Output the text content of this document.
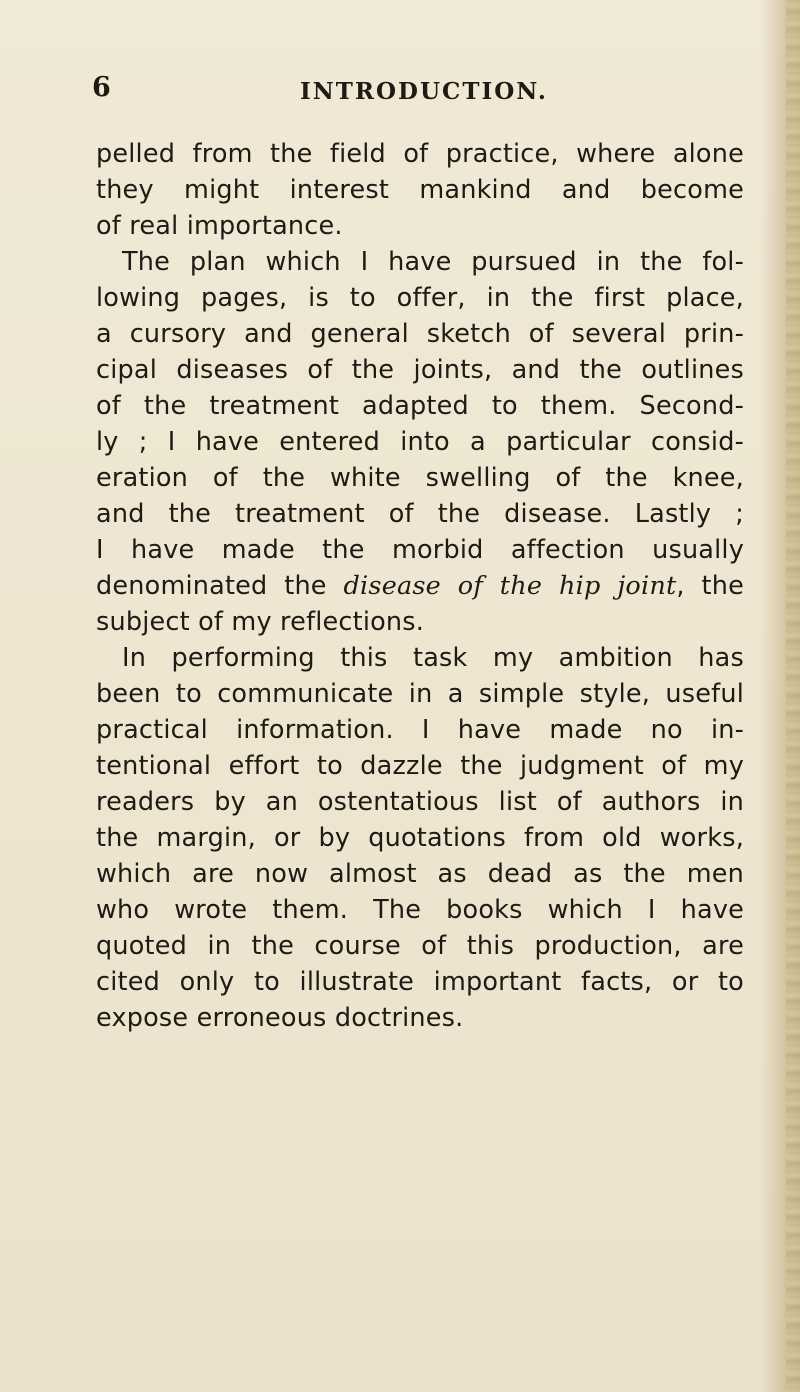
6	INTRODUCTION.
pelled from the field of practice, where alone
they might interest mankind and become
of real importance.
The plan which I have pursued in the fol-
lowing pages, is to offer, in the first place,
a cursory and general sketch of several prin-
cipal diseases of the joints, and the outlines
of the treatment adapted to them. Second-
ly ; I have entered into a particular consid-
eration of the white swelling of the knee,
and the treatment of the disease. Lastly ;
I have made the morbid affection usually
denominated the disease of the hip joint, the
subject of my reflections.
In performing this task my ambition has
been to communicate in a simple style, useful
practical information. I have made no in-
tentional effort to dazzle the judgment of my
readers by an ostentatious list of authors in
the margin, or by quotations from old works,
which are now almost as dead as the men
who wrote them. The books which I have
quoted in the course of this production, are
cited only to illustrate important facts, or to
expose erroneous doctrines.
